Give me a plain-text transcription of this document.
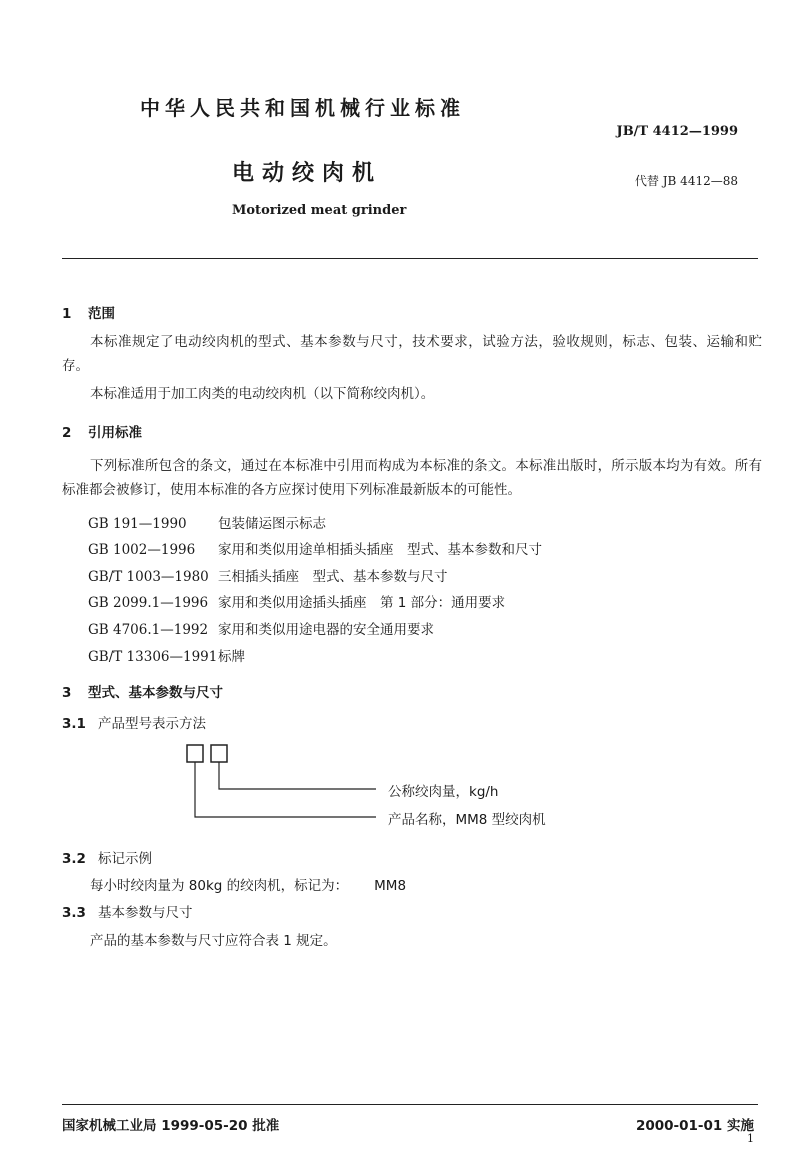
中华人民共和国机械行业标准
JB/T 4412—1999
电动绞肉机	代替 JB 4412—88
Motorized meat grinder
1 范围
本标准规定了电动绞肉机的型式、基本参数与尺寸，技术要求，试验方法，验收规则，标志、包装、运输和贮存。
本标准适用于加工肉类的电动绞肉机（以下简称绞肉机）。
2 引用标准
下列标准所包含的条文，通过在本标准中引用而构成为本标准的条文。本标准出版时，所示版本均为有效。所有标准都会被修订，使用本标准的各方应探讨使用下列标准最新版本的可能性。
GB 191—1990 包装储运图示标志
GB 1002—1996 家用和类似用途单相插头插座　型式、基本参数和尺寸
GB/T 1003—1980 三相插头插座　型式、基本参数与尺寸
GB 2099.1—1996 家用和类似用途插头插座　第 1 部分：通用要求
GB 4706.1—1992 家用和类似用途电器的安全通用要求
GB/T 13306—1991标牌
3 型式、基本参数与尺寸
3.1 产品型号表示方法
公称绞肉量，kg/h
产品名称，MM8 型绞肉机
3.2 标记示例
每小时绞肉量为 80kg 的绞肉机，标记为： MM8
3.3 基本参数与尺寸
产品的基本参数与尺寸应符合表 1 规定。
国家机械工业局 1999-05-20 批准	2000-01-01 实施
1
